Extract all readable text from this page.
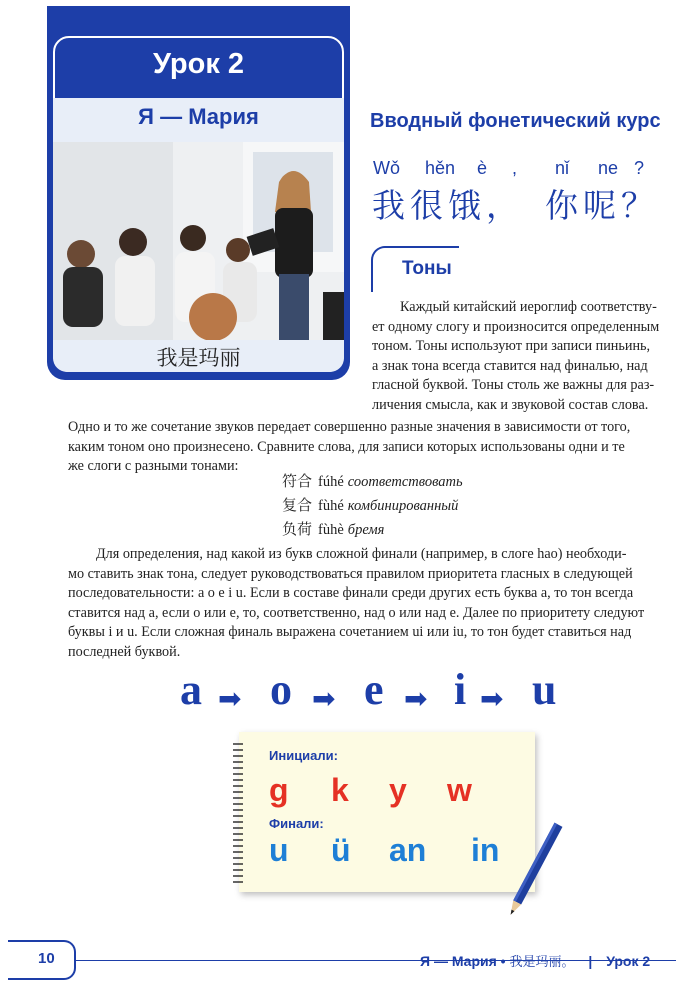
Урок 2
Я — Мария
我是玛丽
Вводный фонетический курс
Wǒ hěn è , nǐ ne ?
我 很 饿 ， 你 呢 ？
Тоны

Каждый китайский иероглиф соответству-

ет одному слогу и произносится определенным

тоном. Тоны используют при записи пиньинь,

а знак тона всегда ставится над финалью, над

гласной буквой. Тоны столь же важны для раз-

личения смысла, как и звуковой состав слова.

Одно и то же сочетание звуков передает совершенно разные значения в зависимости от того,

каким тоном оно произнесено. Сравните слова, для записи которых использованы одни и те

же слоги с разными тонами:

符合 fúhé соответствовать
复合 fùhé комбинированный
负荷 fùhè бремя

Для определения, над какой из букв сложной финали (например, в слоге hao) необходи-

мо ставить знак тона, следует руководствоваться правилом приоритета гласных в следующей

последовательности: a o e i u. Если в составе финали среди других есть буква a, то тон всегда

ставится над a, если o или e, то, соответственно, над o или над e. Далее по приоритету следуют

буквы i и u. Если сложная финаль выражена сочетанием ui или iu, то тон будет ставиться над

последней буквой.

a ➡ o ➡ e ➡ i ➡ u
Инициали:
g k y w
Финали:
u ü an in
10	Я — Мария • 我是玛丽。 | Урок 2
